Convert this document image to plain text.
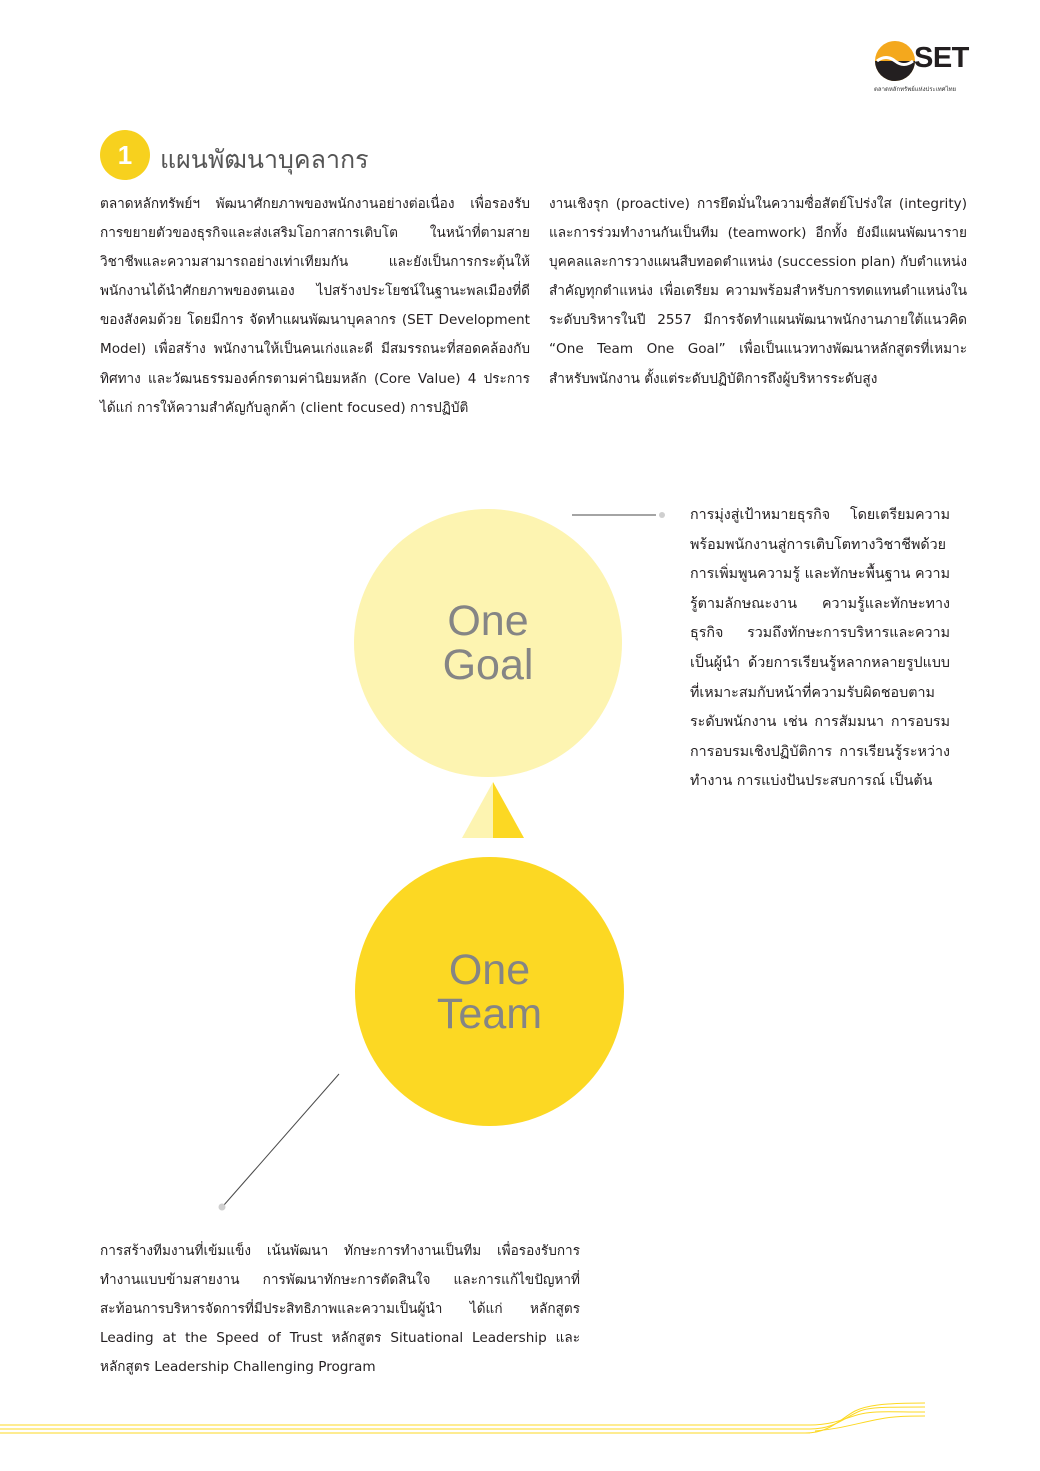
SET
ตลาดหลักทรัพย์แห่งประเทศไทย
1	แผนพัฒนาบุคลากร
ตลาดหลักทรัพย์ฯ พัฒนาศักยภาพของพนักงานอย่างต่อเนื่อง เพื่อรองรับการขยายตัวของธุรกิจและส่งเสริมโอกาสการเติบโต ในหน้าที่ตามสายวิชาชีพและความสามารถอย่างเท่าเทียมกัน และยังเป็นการกระตุ้นให้พนักงานได้นำศักยภาพของตนเอง ไปสร้างประโยชน์ในฐานะพลเมืองที่ดีของสังคมด้วย โดยมีการ จัดทำแผนพัฒนาบุคลากร (SET Development Model) เพื่อสร้าง พนักงานให้เป็นคนเก่งและดี มีสมรรถนะที่สอดคล้องกับทิศทาง และวัฒนธรรมองค์กรตามค่านิยมหลัก (Core Value) 4 ประการ ได้แก่ การให้ความสำคัญกับลูกค้า (client focused) การปฏิบัติ
งานเชิงรุก (proactive) การยึดมั่นในความซื่อสัตย์โปร่งใส (integrity) และการร่วมทำงานกันเป็นทีม (teamwork) อีกทั้ง ยังมีแผนพัฒนารายบุคคลและการวางแผนสืบทอดตำแหน่ง (succession plan) กับตำแหน่งสำคัญทุกตำแหน่ง เพื่อเตรียม ความพร้อมสำหรับการทดแทนตำแหน่งในระดับบริหารในปี 2557 มีการจัดทำแผนพัฒนาพนักงานภายใต้แนวคิด “One Team One Goal” เพื่อเป็นแนวทางพัฒนาหลักสูตรที่เหมาะสำหรับพนักงาน ตั้งแต่ระดับปฏิบัติการถึงผู้บริหารระดับสูง
One
Goal
One
Team
การมุ่งสู่เป้าหมายธุรกิจ โดยเตรียมความพร้อมพนักงานสู่การเติบโตทางวิชาชีพด้วยการเพิ่มพูนความรู้ และทักษะพื้นฐาน ความรู้ตามลักษณะงาน ความรู้และทักษะทางธุรกิจ รวมถึงทักษะการบริหารและความเป็นผู้นำ ด้วยการเรียนรู้หลากหลายรูปแบบที่เหมาะสมกับหน้าที่ความรับผิดชอบตามระดับพนักงาน เช่น การสัมมนา การอบรม การอบรมเชิงปฏิบัติการ การเรียนรู้ระหว่างทำงาน การแบ่งปันประสบการณ์ เป็นต้น
การสร้างทีมงานที่เข้มแข็ง เน้นพัฒนา ทักษะการทำงานเป็นทีม เพื่อรองรับการทำงานแบบข้ามสายงาน การพัฒนาทักษะการตัดสินใจ และการแก้ไขปัญหาที่สะท้อนการบริหารจัดการที่มีประสิทธิภาพและความเป็นผู้นำ ได้แก่ หลักสูตร Leading at the Speed of Trust หลักสูตร Situational Leadership และหลักสูตร Leadership Challenging Program
